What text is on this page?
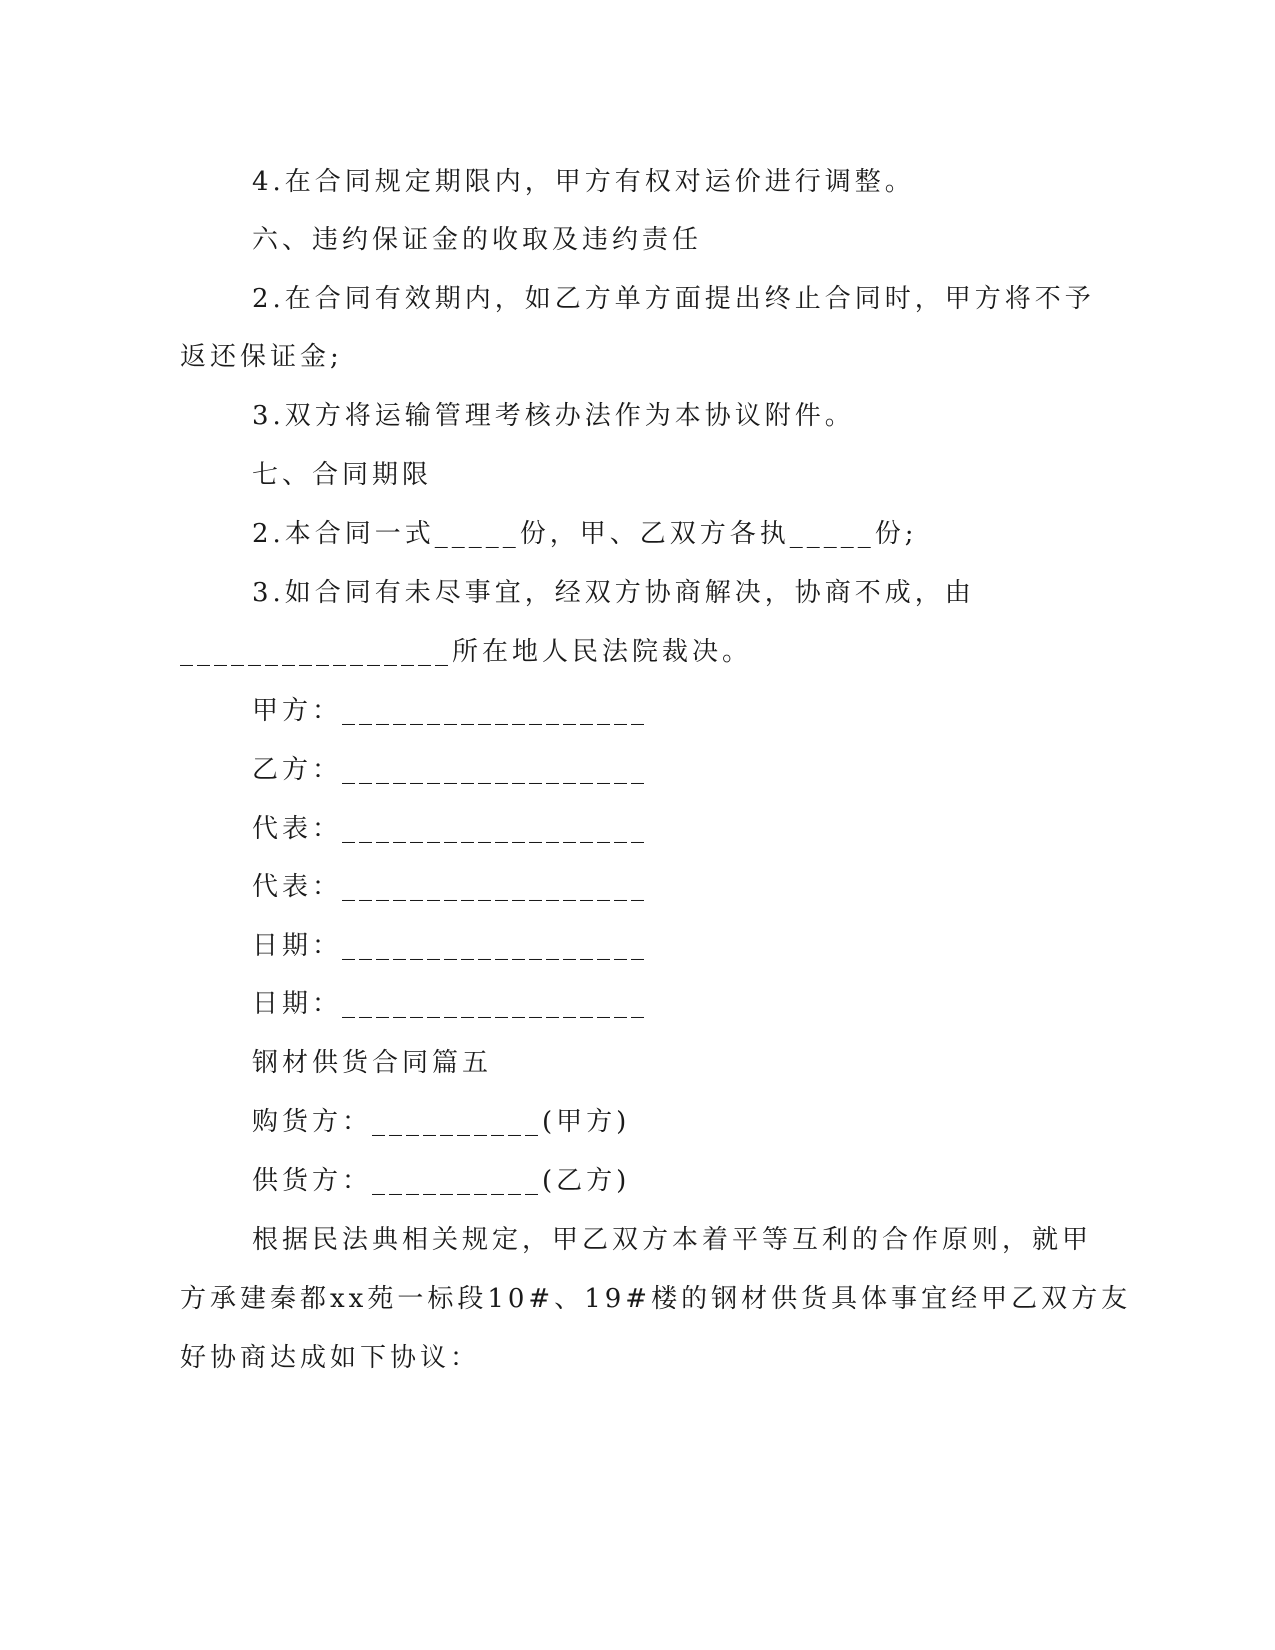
4.在合同规定期限内，甲方有权对运价进行调整。
六、违约保证金的收取及违约责任
2.在合同有效期内，如乙方单方面提出终止合同时，甲方将不予
返还保证金;
3.双方将运输管理考核办法作为本协议附件。
七、合同期限
2.本合同一式_____份，甲、乙双方各执_____份;
3.如合同有未尽事宜，经双方协商解决，协商不成，由
________________所在地人民法院裁决。
甲方：__________________
乙方：__________________
代表：__________________
代表：__________________
日期：__________________
日期：__________________
钢材供货合同篇五
购货方：__________(甲方)
供货方：__________(乙方)
根据民法典相关规定，甲乙双方本着平等互利的合作原则，就甲
方承建秦都xx苑一标段10#、19#楼的钢材供货具体事宜经甲乙双方友
好协商达成如下协议：
